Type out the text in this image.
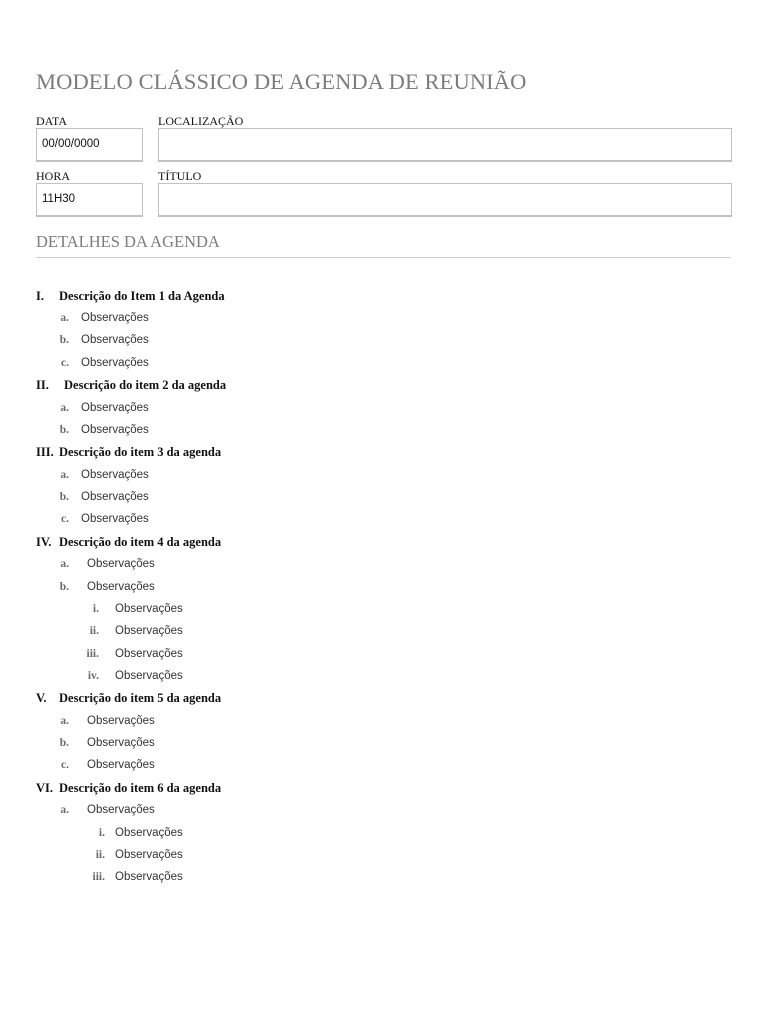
MODELO CLÁSSICO DE AGENDA DE REUNIÃO
DATA
00/00/0000
LOCALIZAÇÃO
HORA
11H30
TÍTULO
DETALHES DA AGENDA
I. Descrição do Item 1 da Agenda
a. Observações
b. Observações
c. Observações
II. Descrição do item 2 da agenda
a. Observações
b. Observações
III. Descrição do item 3 da agenda
a. Observações
b. Observações
c. Observações
IV. Descrição do item 4 da agenda
a. Observações
b. Observações
i. Observações
ii. Observações
iii. Observações
iv. Observações
V. Descrição do item 5 da agenda
a. Observações
b. Observações
c. Observações
VI. Descrição do item 6 da agenda
a. Observações
i. Observações
ii. Observações
iii. Observações
